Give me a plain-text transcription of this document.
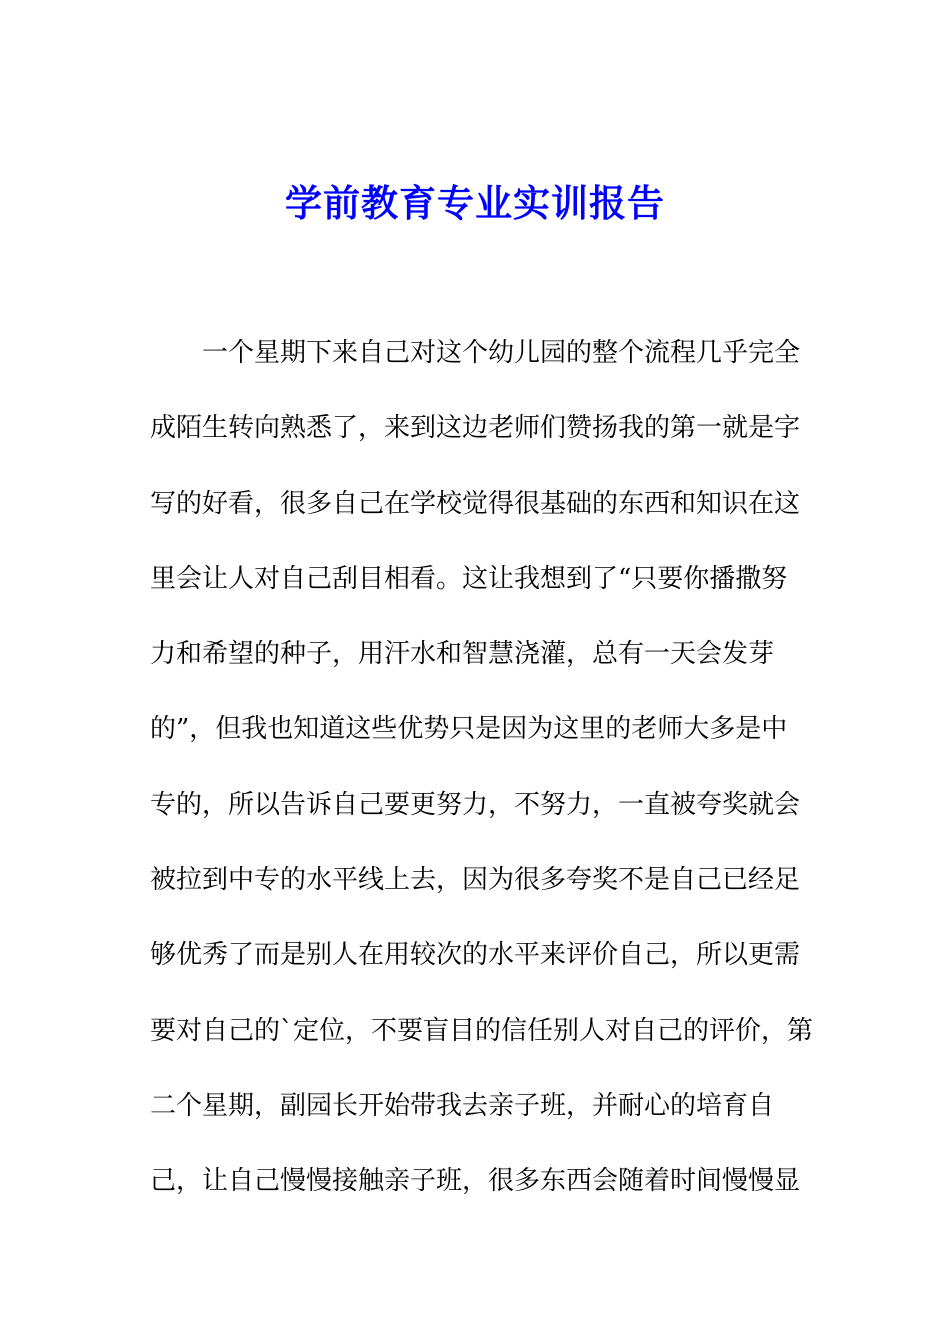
学前教育专业实训报告
一个星期下来自己对这个幼儿园的整个流程几乎完全
成陌生转向熟悉了，来到这边老师们赞扬我的第一就是字
写的好看，很多自己在学校觉得很基础的东西和知识在这
里会让人对自己刮目相看。这让我想到了“只要你播撒努
力和希望的种子，用汗水和智慧浇灌，总有一天会发芽
的”，但我也知道这些优势只是因为这里的老师大多是中
专的，所以告诉自己要更努力，不努力，一直被夸奖就会
被拉到中专的水平线上去，因为很多夸奖不是自己已经足
够优秀了而是别人在用较次的水平来评价自己，所以更需
要对自己的`定位，不要盲目的信任别人对自己的评价，第
二个星期，副园长开始带我去亲子班，并耐心的培育自
己，让自己慢慢接触亲子班，很多东西会随着时间慢慢显
